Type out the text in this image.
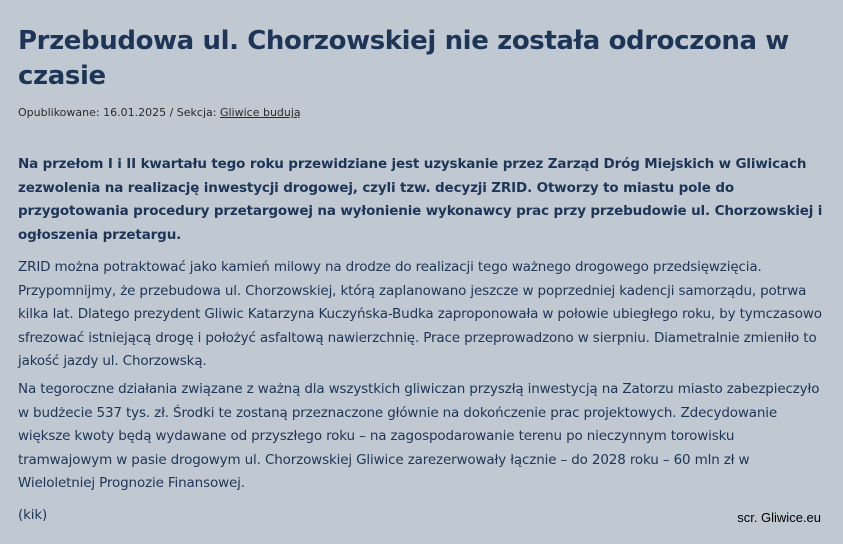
Przebudowa ul. Chorzowskiej nie została odroczona w czasie
Opublikowane: 16.01.2025 / Sekcja: Gliwice budują

Na przełom I i II kwartału tego roku przewidziane jest uzyskanie przez Zarząd Dróg Miejskich w Gliwicach zezwolenia na realizację inwestycji drogowej, czyli tzw. decyzji ZRID. Otworzy to miastu pole do przygotowania procedury przetargowej na wyłonienie wykonawcy prac przy przebudowie ul. Chorzowskiej i ogłoszenia przetargu.

ZRID można potraktować jako kamień milowy na drodze do realizacji tego ważnego drogowego przedsięwzięcia. Przypomnijmy, że przebudowa ul. Chorzowskiej, którą zaplanowano jeszcze w poprzedniej kadencji samorządu, potrwa kilka lat. Dlatego prezydent Gliwic Katarzyna Kuczyńska-Budka zaproponowała w połowie ubiegłego roku, by tymczasowo sfrezować istniejącą drogę i położyć asfaltową nawierzchnię. Prace przeprowadzono w sierpniu. Diametralnie zmieniło to jakość jazdy ul. Chorzowską.

Na tegoroczne działania związane z ważną dla wszystkich gliwiczan przyszłą inwestycją na Zatorzu miasto zabezpieczyło w budżecie 537 tys. zł. Środki te zostaną przeznaczone głównie na dokończenie prac projektowych. Zdecydowanie większe kwoty będą wydawane od przyszłego roku – na zagospodarowanie terenu po nieczynnym torowisku tramwajowym w pasie drogowym ul. Chorzowskiej Gliwice zarezerwowały łącznie – do 2028 roku – 60 mln zł w Wieloletniej Prognozie Finansowej.

(kik)	scr. Gliwice.eu
